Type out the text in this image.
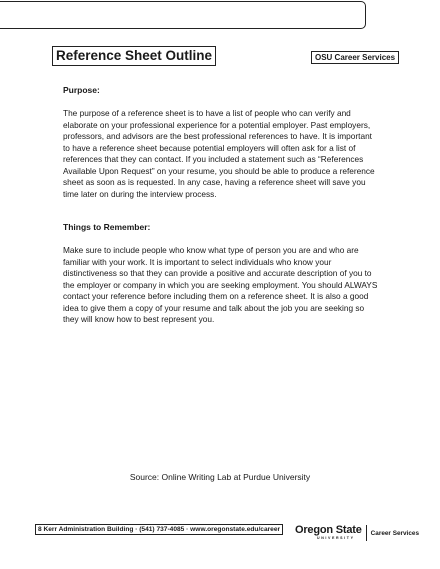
Reference Sheet Outline	OSU Career Services
Purpose:

The purpose of a reference sheet is to have a list of people who can verify and elaborate on your professional experience for a potential employer. Past employers, professors, and advisors are the best professional references to have. It is important to have a reference sheet because potential employers will often ask for a list of references that they can contact. If you included a statement such as “References Available Upon Request” on your resume, you should be able to produce a reference sheet as soon as is requested. In any case, having a reference sheet will save you time later on during the interview process.

Things to Remember:

Make sure to include people who know what type of person you are and who are familiar with your work. It is important to select individuals who know your distinctiveness so that they can provide a positive and accurate description of you to the employer or company in which you are seeking employment. You should ALWAYS contact your reference before including them on a reference sheet. It is also a good idea to give them a copy of your resume and talk about the job you are seeking so they will know how to best represent you.

Source: Online Writing Lab at Purdue University
8 Kerr Administration Building · (541) 737-4085 · www.oregonstate.edu/career Oregon State
UNIVERSITY
Career Services
